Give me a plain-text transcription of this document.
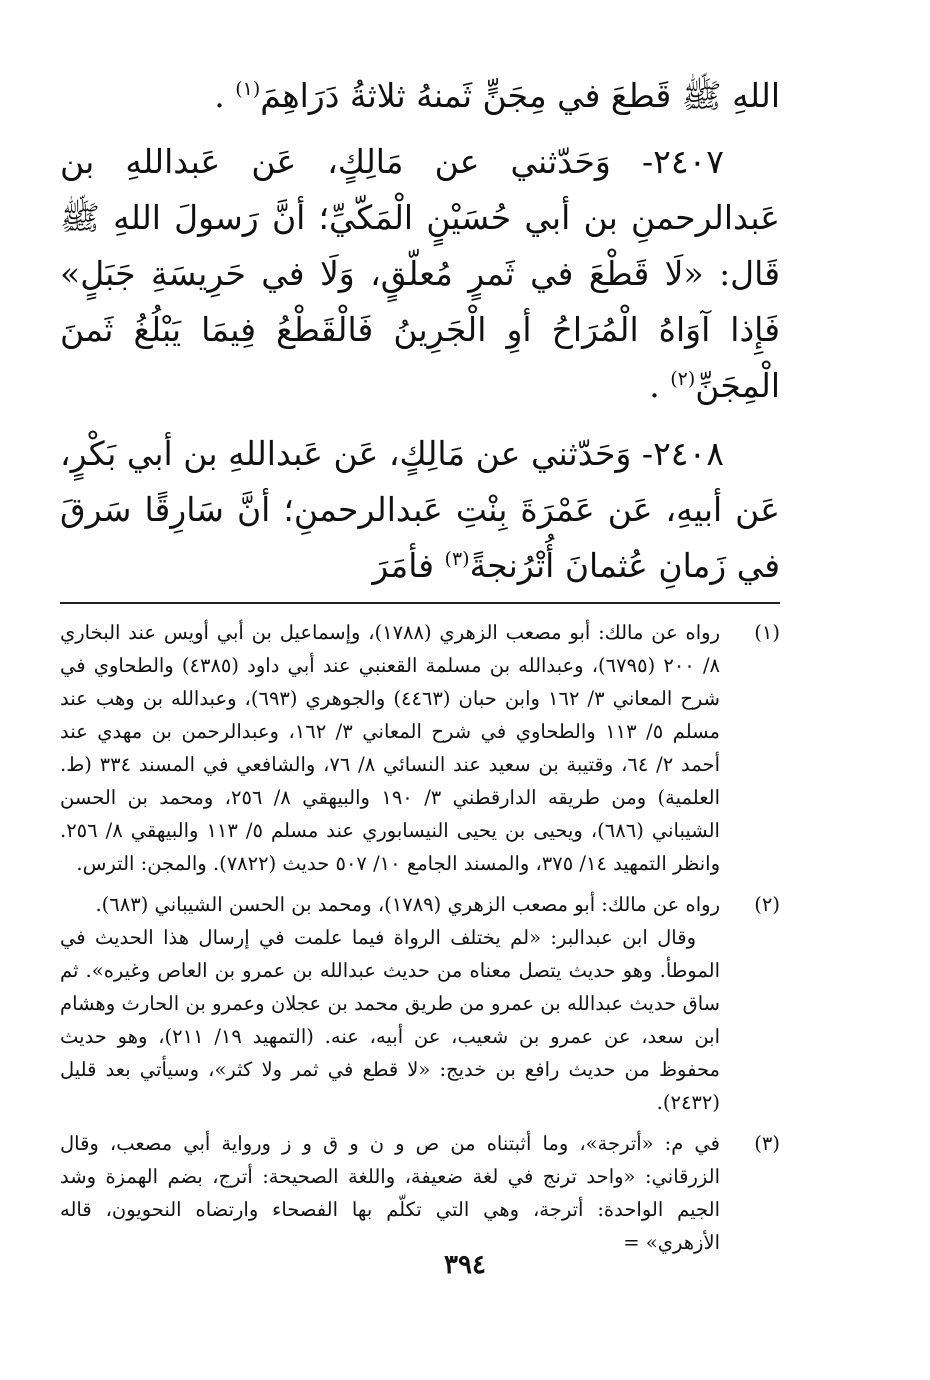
اللهِ ﷺ قَطعَ في مِجَنٍّ ثَمنهُ ثلاثةُ دَرَاهِمَ$^{(١)}$ .

٢٤٠٧- وَحَدّثني عن مَالِكٍ، عَن عَبداللهِ بن عَبدالرحمنِ بن أبي حُسَيْنٍ الْمَكّيِّ؛ أنَّ رَسولَ اللهِ ﷺ قَال: «لَا قَطْعَ في ثَمرٍ مُعلّقٍ، وَلَا في حَرِيسَةِ جَبَلٍ» فَإِذا آوَاهُ الْمُرَاحُ أوِ الْجَرِينُ فَالْقَطْعُ فِيمَا يَبْلُغُ ثَمنَ الْمِجَنِّ$^{(٢)}$ .

٢٤٠٨- وَحَدّثني عن مَالِكٍ، عَن عَبداللهِ بن أبي بَكْرٍ، عَن أبيهِ، عَن عَمْرَةَ بِنْتِ عَبدالرحمنِ؛ أنَّ سَارِقًا سَرقَ في زَمانِ عُثمانَ أُتْرُنجةً$^{(٣)}$ فأمَرَ

(١)

رواه عن مالك: أبو مصعب الزهري (١٧٨٨)، وإسماعيل بن أبي أويس عند البخاري ٨/ ٢٠٠ (٦٧٩٥)، وعبدالله بن مسلمة القعنبي عند أبي داود (٤٣٨٥) والطحاوي في شرح المعاني ٣/ ١٦٢ وابن حبان (٤٤٦٣) والجوهري (٦٩٣)، وعبدالله بن وهب عند مسلم ٥/ ١١٣ والطحاوي في شرح المعاني ٣/ ١٦٢، وعبدالرحمن بن مهدي عند أحمد ٢/ ٦٤، وقتيبة بن سعيد عند النسائي ٨/ ٧٦، والشافعي في المسند ٣٣٤ (ط. العلمية) ومن طريقه الدارقطني ٣/ ١٩٠ والبيهقي ٨/ ٢٥٦، ومحمد بن الحسن الشيباني (٦٨٦)، ويحيى بن يحيى النيسابوري عند مسلم ٥/ ١١٣ والبيهقي ٨/ ٢٥٦. وانظر التمهيد ١٤/ ٣٧٥، والمسند الجامع ١٠/ ٥٠٧ حديث (٧٨٢٢). والمجن: الترس.

(٢)

رواه عن مالك: أبو مصعب الزهري (١٧٨٩)، ومحمد بن الحسن الشيباني (٦٨٣).

وقال ابن عبدالبر: «لم يختلف الرواة فيما علمت في إرسال هذا الحديث في الموطأ. وهو حديث يتصل معناه من حديث عبدالله بن عمرو بن العاص وغيره». ثم ساق حديث عبدالله بن عمرو من طريق محمد بن عجلان وعمرو بن الحارث وهشام ابن سعد، عن عمرو بن شعيب، عن أبيه، عنه. (التمهيد ١٩/ ٢١١)، وهو حديث محفوظ من حديث رافع بن خديج: «لا قطع في ثمر ولا كثر»، وسيأتي بعد قليل (٢٤٣٢).

(٣)

في م: «أترجة»، وما أثبتناه من ص و ن و ق و ز ورواية أبي مصعب، وقال الزرقاني: «واحد ترنج في لغة ضعيفة، واللغة الصحيحة: أترج، بضم الهمزة وشد الجيم الواحدة: أترجة، وهي التي تكلّم بها الفصحاء وارتضاه النحويون، قاله الأزهري» =

٣٩٤
